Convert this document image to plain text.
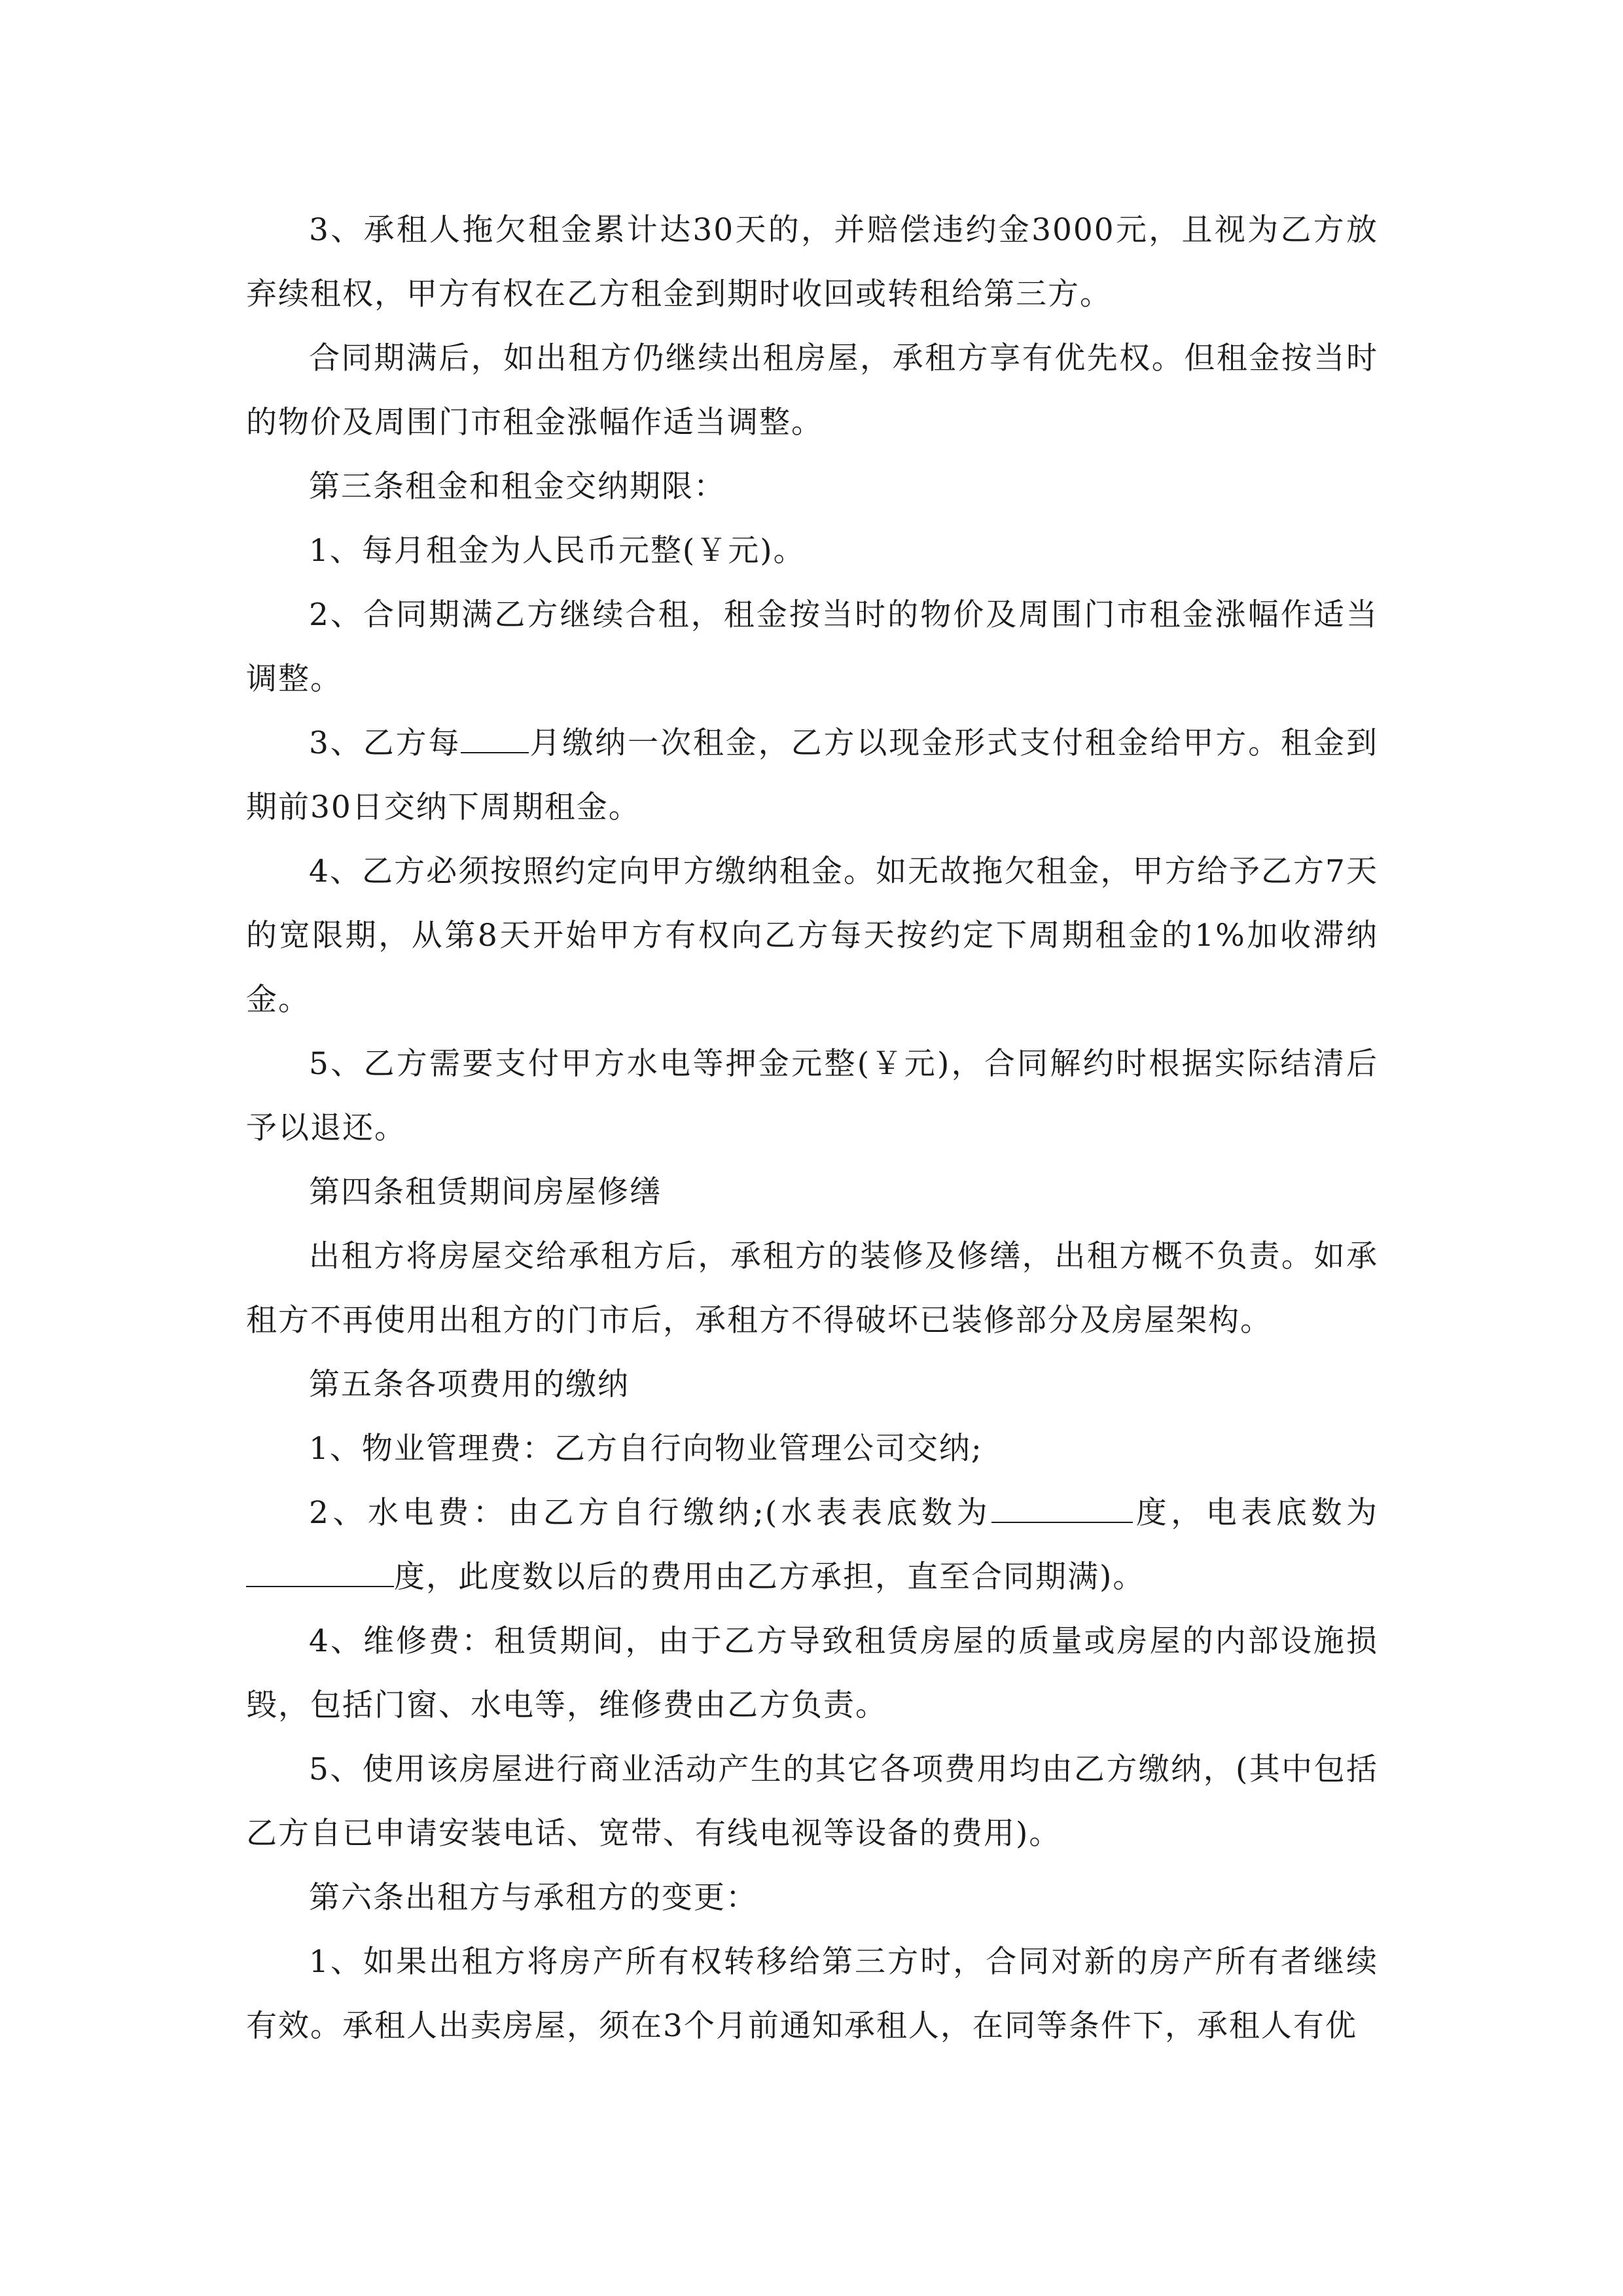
3、承租人拖欠租金累计达30天的，并赔偿违约金3000元，且视为乙方放弃续租权，甲方有权在乙方租金到期时收回或转租给第三方。

合同期满后，如出租方仍继续出租房屋，承租方享有优先权。但租金按当时的物价及周围门市租金涨幅作适当调整。

第三条租金和租金交纳期限：

1、每月租金为人民币元整(￥元)。

2、合同期满乙方继续合租，租金按当时的物价及周围门市租金涨幅作适当调整。

3、乙方每 月缴纳一次租金，乙方以现金形式支付租金给甲方。租金到期前30日交纳下周期租金。

4、乙方必须按照约定向甲方缴纳租金。如无故拖欠租金，甲方给予乙方7天的宽限期，从第8天开始甲方有权向乙方每天按约定下周期租金的1%加收滞纳金。

5、乙方需要支付甲方水电等押金元整(￥元)，合同解约时根据实际结清后予以退还。

第四条租赁期间房屋修缮

出租方将房屋交给承租方后，承租方的装修及修缮，出租方概不负责。如承租方不再使用出租方的门市后，承租方不得破坏已装修部分及房屋架构。

第五条各项费用的缴纳

1、物业管理费：乙方自行向物业管理公司交纳;

2、水电费：由乙方自行缴纳;(水表表底数为	度，电表底数为度，此度数以后的费用由乙方承担，直至合同期满)。

4、维修费：租赁期间，由于乙方导致租赁房屋的质量或房屋的内部设施损毁，包括门窗、水电等，维修费由乙方负责。

5、使用该房屋进行商业活动产生的其它各项费用均由乙方缴纳，(其中包括乙方自已申请安装电话、宽带、有线电视等设备的费用)。

第六条出租方与承租方的变更：

1、如果出租方将房产所有权转移给第三方时，合同对新的房产所有者继续有效。承租人出卖房屋，须在3个月前通知承租人，在同等条件下，承租人有优
